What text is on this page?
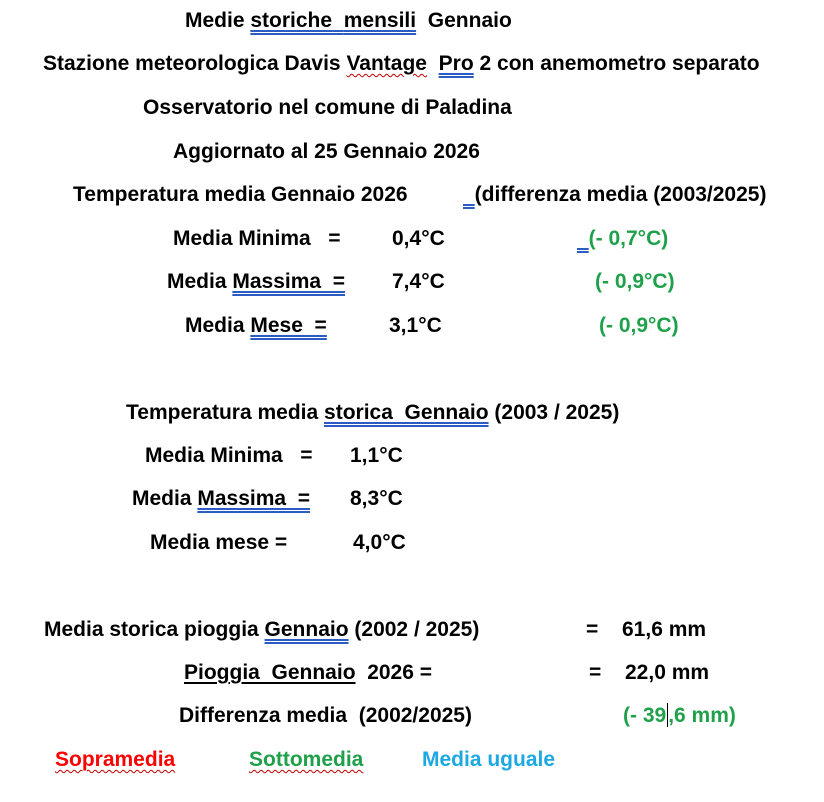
Medie storiche mensili  Gennaio
Stazione meteorologica Davis Vantage Pro 2 con anemometro separato
Osservatorio nel comune di Paladina
Aggiornato al 25 Gennaio 2026
Temperatura media Gennaio 2026	(differenza media (2003/2025)
Media Minima   = 0,4°C	(- 0,7°C)
Media Massima  = 7,4°C	(- 0,9°C)
Media Mese  =	3,1°C	(- 0,9°C)
Temperatura media storica  Gennaio (2003 / 2025)
Media Minima   = 1,1°C
Media Massima  = 8,3°C
Media mese =	4,0°C
Media storica pioggia Gennaio (2002 / 2025)	= 61,6 mm
Pioggia  Gennaio  2026 =	= 22,0 mm
Differenza media  (2002/2025)	(- 39,6 mm)
Sopramedia	Sottomedia	Media uguale
